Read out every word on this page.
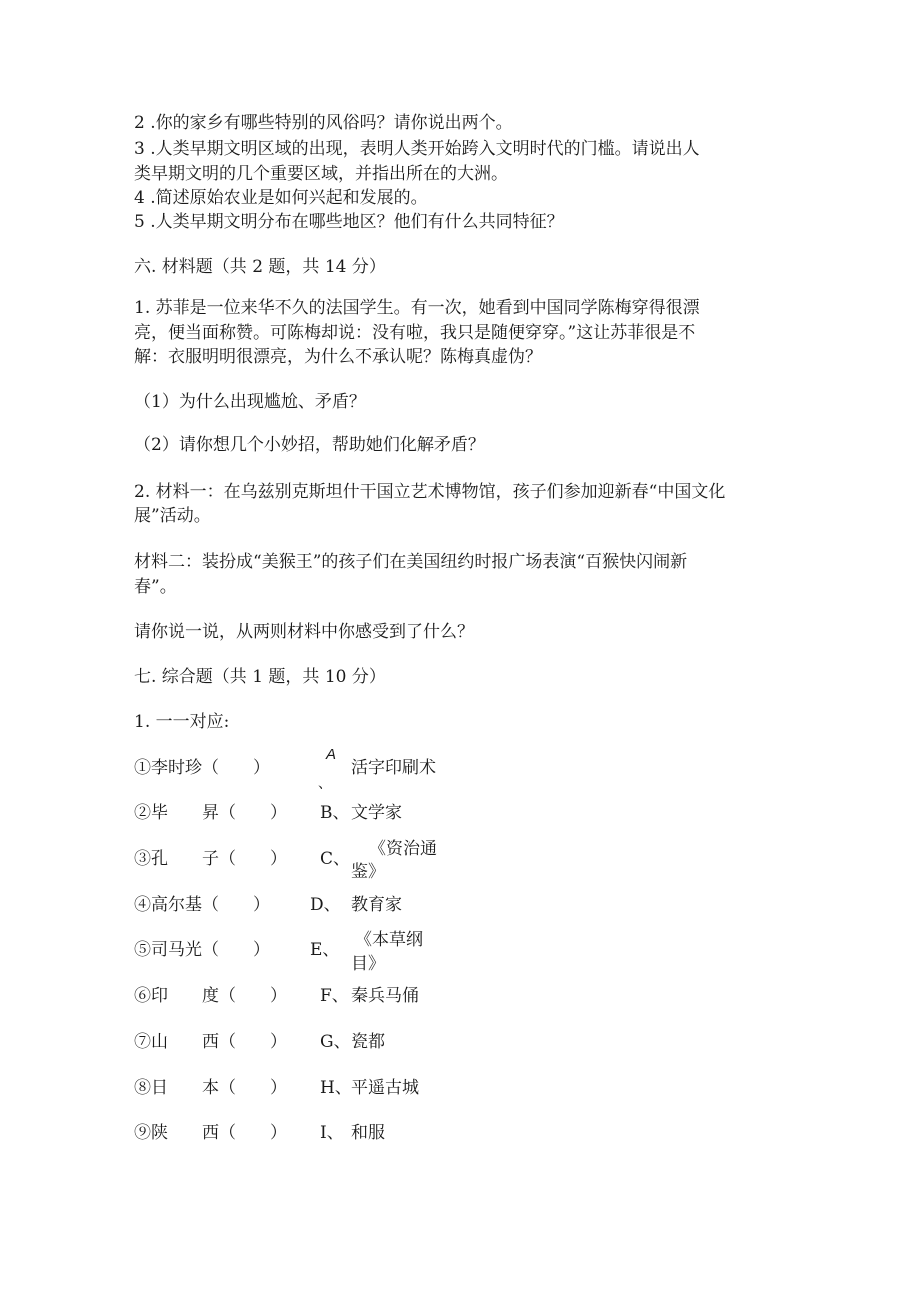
2 .你的家乡有哪些特别的风俗吗？请你说出两个。
3 .人类早期文明区域的出现，表明人类开始跨入文明时代的门槛。请说出人
类早期文明的几个重要区域，并指出所在的大洲。
4 .简述原始农业是如何兴起和发展的。
5 .人类早期文明分布在哪些地区？他们有什么共同特征？
六. 材料题（共 2 题，共 14 分）
1. 苏菲是一位来华不久的法国学生。有一次，她看到中国同学陈梅穿得很漂
亮，便当面称赞。可陈梅却说：没有啦，我只是随便穿穿。”这让苏菲很是不
解：衣服明明很漂亮，为什么不承认呢？陈梅真虚伪？
（1）为什么出现尴尬、矛盾？
（2）请你想几个小妙招，帮助她们化解矛盾？
2. 材料一：在乌兹别克斯坦什干国立艺术博物馆，孩子们参加迎新春“中国文化
展”活动。
材料二：装扮成“美猴王”的孩子们在美国纽约时报广场表演“百猴快闪闹新
春”。
请你说一说，从两则材料中你感受到了什么？
七. 综合题（共 1 题，共 10 分）
1. 一一对应:
①李时珍（　　）
A
、
活字印刷术
②毕　　昇（　　） B、 文学家
③孔　　子（　　） C、 《资治通
鉴》
④高尔基（　　） D、 教育家
⑤司马光（　　） E、 《本草纲
目》
⑥印　　度（　　） F、 秦兵马俑
⑦山　　西（　　） G、 瓷都
⑧日　　本（　　） H、 平遥古城
⑨陕　　西（　　） I、 和服
